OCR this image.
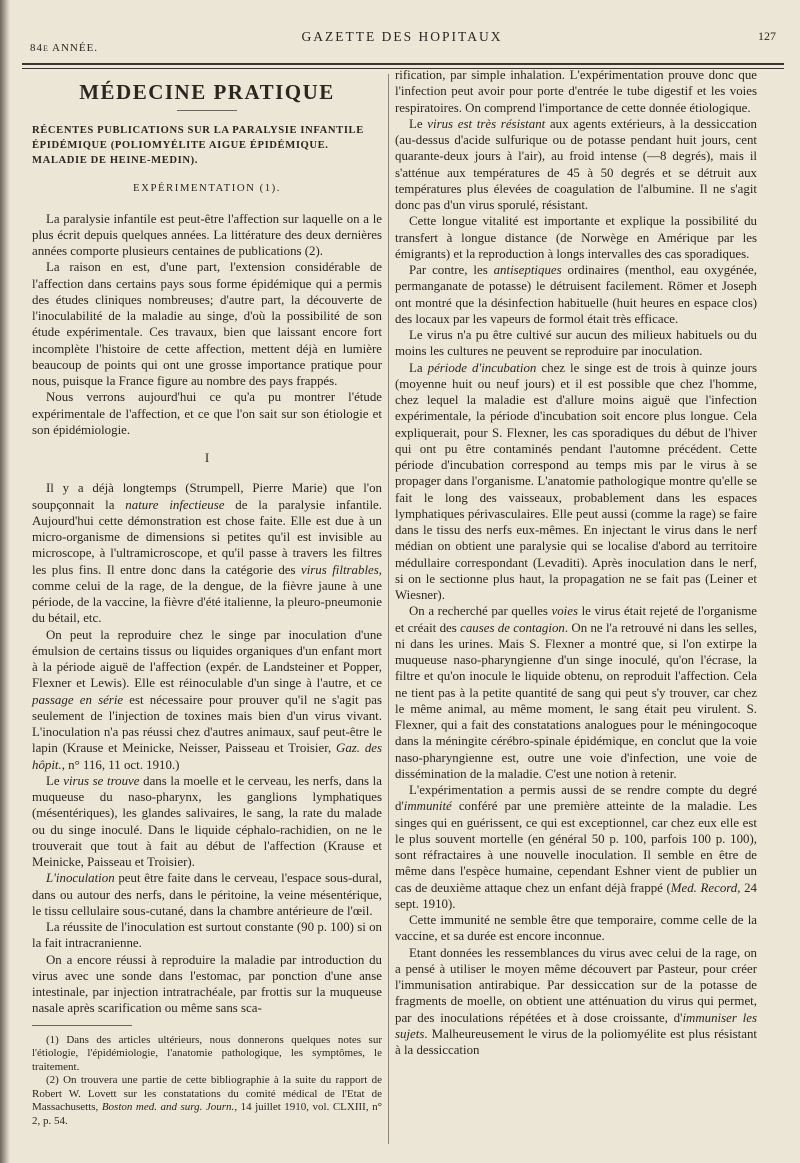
84e ANNÉE.
GAZETTE DES HOPITAUX	127
MÉDECINE PRATIQUE
RÉCENTES PUBLICATIONS SUR LA PARALYSIE INFANTILE ÉPIDÉMIQUE (POLIOMYÉLITE AIGUE ÉPIDÉMIQUE. MALADIE DE HEINE-MEDIN).
EXPÉRIMENTATION (1).

La paralysie infantile est peut-être l'affection sur laquelle on a le plus écrit depuis quelques années. La littérature des deux dernières années comporte plusieurs centaines de publications (2).

La raison en est, d'une part, l'extension considérable de l'affection dans certains pays sous forme épidémique qui a permis des études cliniques nombreuses; d'autre part, la découverte de l'inoculabilité de la maladie au singe, d'où la possibilité de son étude expérimentale. Ces travaux, bien que laissant encore fort incomplète l'histoire de cette affection, mettent déjà en lumière beaucoup de points qui ont une grosse importance pratique pour nous, puisque la France figure au nombre des pays frappés.

Nous verrons aujourd'hui ce qu'a pu montrer l'étude expérimentale de l'affection, et ce que l'on sait sur son étiologie et son épidémiologie.

I

Il y a déjà longtemps (Strumpell, Pierre Marie) que l'on soupçonnait la nature infectieuse de la paralysie infantile. Aujourd'hui cette démonstration est chose faite. Elle est due à un micro-organisme de dimensions si petites qu'il est invisible au microscope, à l'ultramicroscope, et qu'il passe à travers les filtres les plus fins. Il entre donc dans la catégorie des virus filtrables, comme celui de la rage, de la dengue, de la fièvre jaune à une période, de la vaccine, la fièvre d'été italienne, la pleuro-pneumonie du bétail, etc.

On peut la reproduire chez le singe par inoculation d'une émulsion de certains tissus ou liquides organiques d'un enfant mort à la période aiguë de l'affection (expér. de Landsteiner et Popper, Flexner et Lewis). Elle est réinoculable d'un singe à l'autre, et ce passage en série est nécessaire pour prouver qu'il ne s'agit pas seulement de l'injection de toxines mais bien d'un virus vivant. L'inoculation n'a pas réussi chez d'autres animaux, sauf peut-être le lapin (Krause et Meinicke, Neisser, Paisseau et Troisier, Gaz. des hôpit., n° 116, 11 oct. 1910.)

Le virus se trouve dans la moelle et le cerveau, les nerfs, dans la muqueuse du naso-pharynx, les ganglions lymphatiques (mésentériques), les glandes salivaires, le sang, la rate du malade ou du singe inoculé. Dans le liquide céphalo-rachidien, on ne le trouverait que tout à fait au début de l'affection (Krause et Meinicke, Paisseau et Troisier).

L'inoculation peut être faite dans le cerveau, l'espace sous-dural, dans ou autour des nerfs, dans le péritoine, la veine mésentérique, le tissu cellulaire sous-cutané, dans la chambre antérieure de l'œil.

La réussite de l'inoculation est surtout constante (90 p. 100) si on la fait intracranienne.

On a encore réussi à reproduire la maladie par introduction du virus avec une sonde dans l'estomac, par ponction d'une anse intestinale, par injection intratrachéale, par frottis sur la muqueuse nasale après scarification ou même sans sca-

(1) Dans des articles ultérieurs, nous donnerons quelques notes sur l'étiologie, l'épidémiologie, l'anatomie pathologique, les symptômes, le traitement.

(2) On trouvera une partie de cette bibliographie à la suite du rapport de Robert W. Lovett sur les constatations du comité médical de l'Etat de Massachusetts, Boston med. and surg. Journ., 14 juillet 1910, vol. CLXIII, n° 2, p. 54.

rification, par simple inhalation. L'expérimentation prouve donc que l'infection peut avoir pour porte d'entrée le tube digestif et les voies respiratoires. On comprend l'importance de cette donnée étiologique.

Le virus est très résistant aux agents extérieurs, à la dessiccation (au-dessus d'acide sulfurique ou de potasse pendant huit jours, cent quarante-deux jours à l'air), au froid intense (—8 degrés), mais il s'atténue aux températures de 45 à 50 degrés et se détruit aux températures plus élevées de coagulation de l'albumine. Il ne s'agit donc pas d'un virus sporulé, résistant.

Cette longue vitalité est importante et explique la possibilité du transfert à longue distance (de Norwège en Amérique par les émigrants) et la reproduction à longs intervalles des cas sporadiques.

Par contre, les antiseptiques ordinaires (menthol, eau oxygénée, permanganate de potasse) le détruisent facilement. Römer et Joseph ont montré que la désinfection habituelle (huit heures en espace clos) des locaux par les vapeurs de formol était très efficace.

Le virus n'a pu être cultivé sur aucun des milieux habituels ou du moins les cultures ne peuvent se reproduire par inoculation.

La période d'incubation chez le singe est de trois à quinze jours (moyenne huit ou neuf jours) et il est possible que chez l'homme, chez lequel la maladie est d'allure moins aiguë que l'infection expérimentale, la période d'incubation soit encore plus longue. Cela expliquerait, pour S. Flexner, les cas sporadiques du début de l'hiver qui ont pu être contaminés pendant l'automne précédent. Cette période d'incubation correspond au temps mis par le virus à se propager dans l'organisme. L'anatomie pathologique montre qu'elle se fait le long des vaisseaux, probablement dans les espaces lymphatiques périvasculaires. Elle peut aussi (comme la rage) se faire dans le tissu des nerfs eux-mêmes. En injectant le virus dans le nerf médian on obtient une paralysie qui se localise d'abord au territoire médullaire correspondant (Levaditi). Après inoculation dans le nerf, si on le sectionne plus haut, la propagation ne se fait pas (Leiner et Wiesner).

On a recherché par quelles voies le virus était rejeté de l'organisme et créait des causes de contagion. On ne l'a retrouvé ni dans les selles, ni dans les urines. Mais S. Flexner a montré que, si l'on extirpe la muqueuse naso-pharyngienne d'un singe inoculé, qu'on l'écrase, la filtre et qu'on inocule le liquide obtenu, on reproduit l'affection. Cela ne tient pas à la petite quantité de sang qui peut s'y trouver, car chez le même animal, au même moment, le sang était peu virulent. S. Flexner, qui a fait des constatations analogues pour le méningocoque dans la méningite cérébro-spinale épidémique, en conclut que la voie naso-pharyngienne est, outre une voie d'infection, une voie de dissémination de la maladie. C'est une notion à retenir.

L'expérimentation a permis aussi de se rendre compte du degré d'immunité conféré par une première atteinte de la maladie. Les singes qui en guérissent, ce qui est exceptionnel, car chez eux elle est le plus souvent mortelle (en général 50 p. 100, parfois 100 p. 100), sont réfractaires à une nouvelle inoculation. Il semble en être de même dans l'espèce humaine, cependant Eshner vient de publier un cas de deuxième attaque chez un enfant déjà frappé (Med. Record, 24 sept. 1910).

Cette immunité ne semble être que temporaire, comme celle de la vaccine, et sa durée est encore inconnue.

Etant données les ressemblances du virus avec celui de la rage, on a pensé à utiliser le moyen même découvert par Pasteur, pour créer l'immunisation antirabique. Par dessiccation sur de la potasse de fragments de moelle, on obtient une atténuation du virus qui permet, par des inoculations répétées et à dose croissante, d'immuniser les sujets. Malheureusement le virus de la poliomyélite est plus résistant à la dessiccation
